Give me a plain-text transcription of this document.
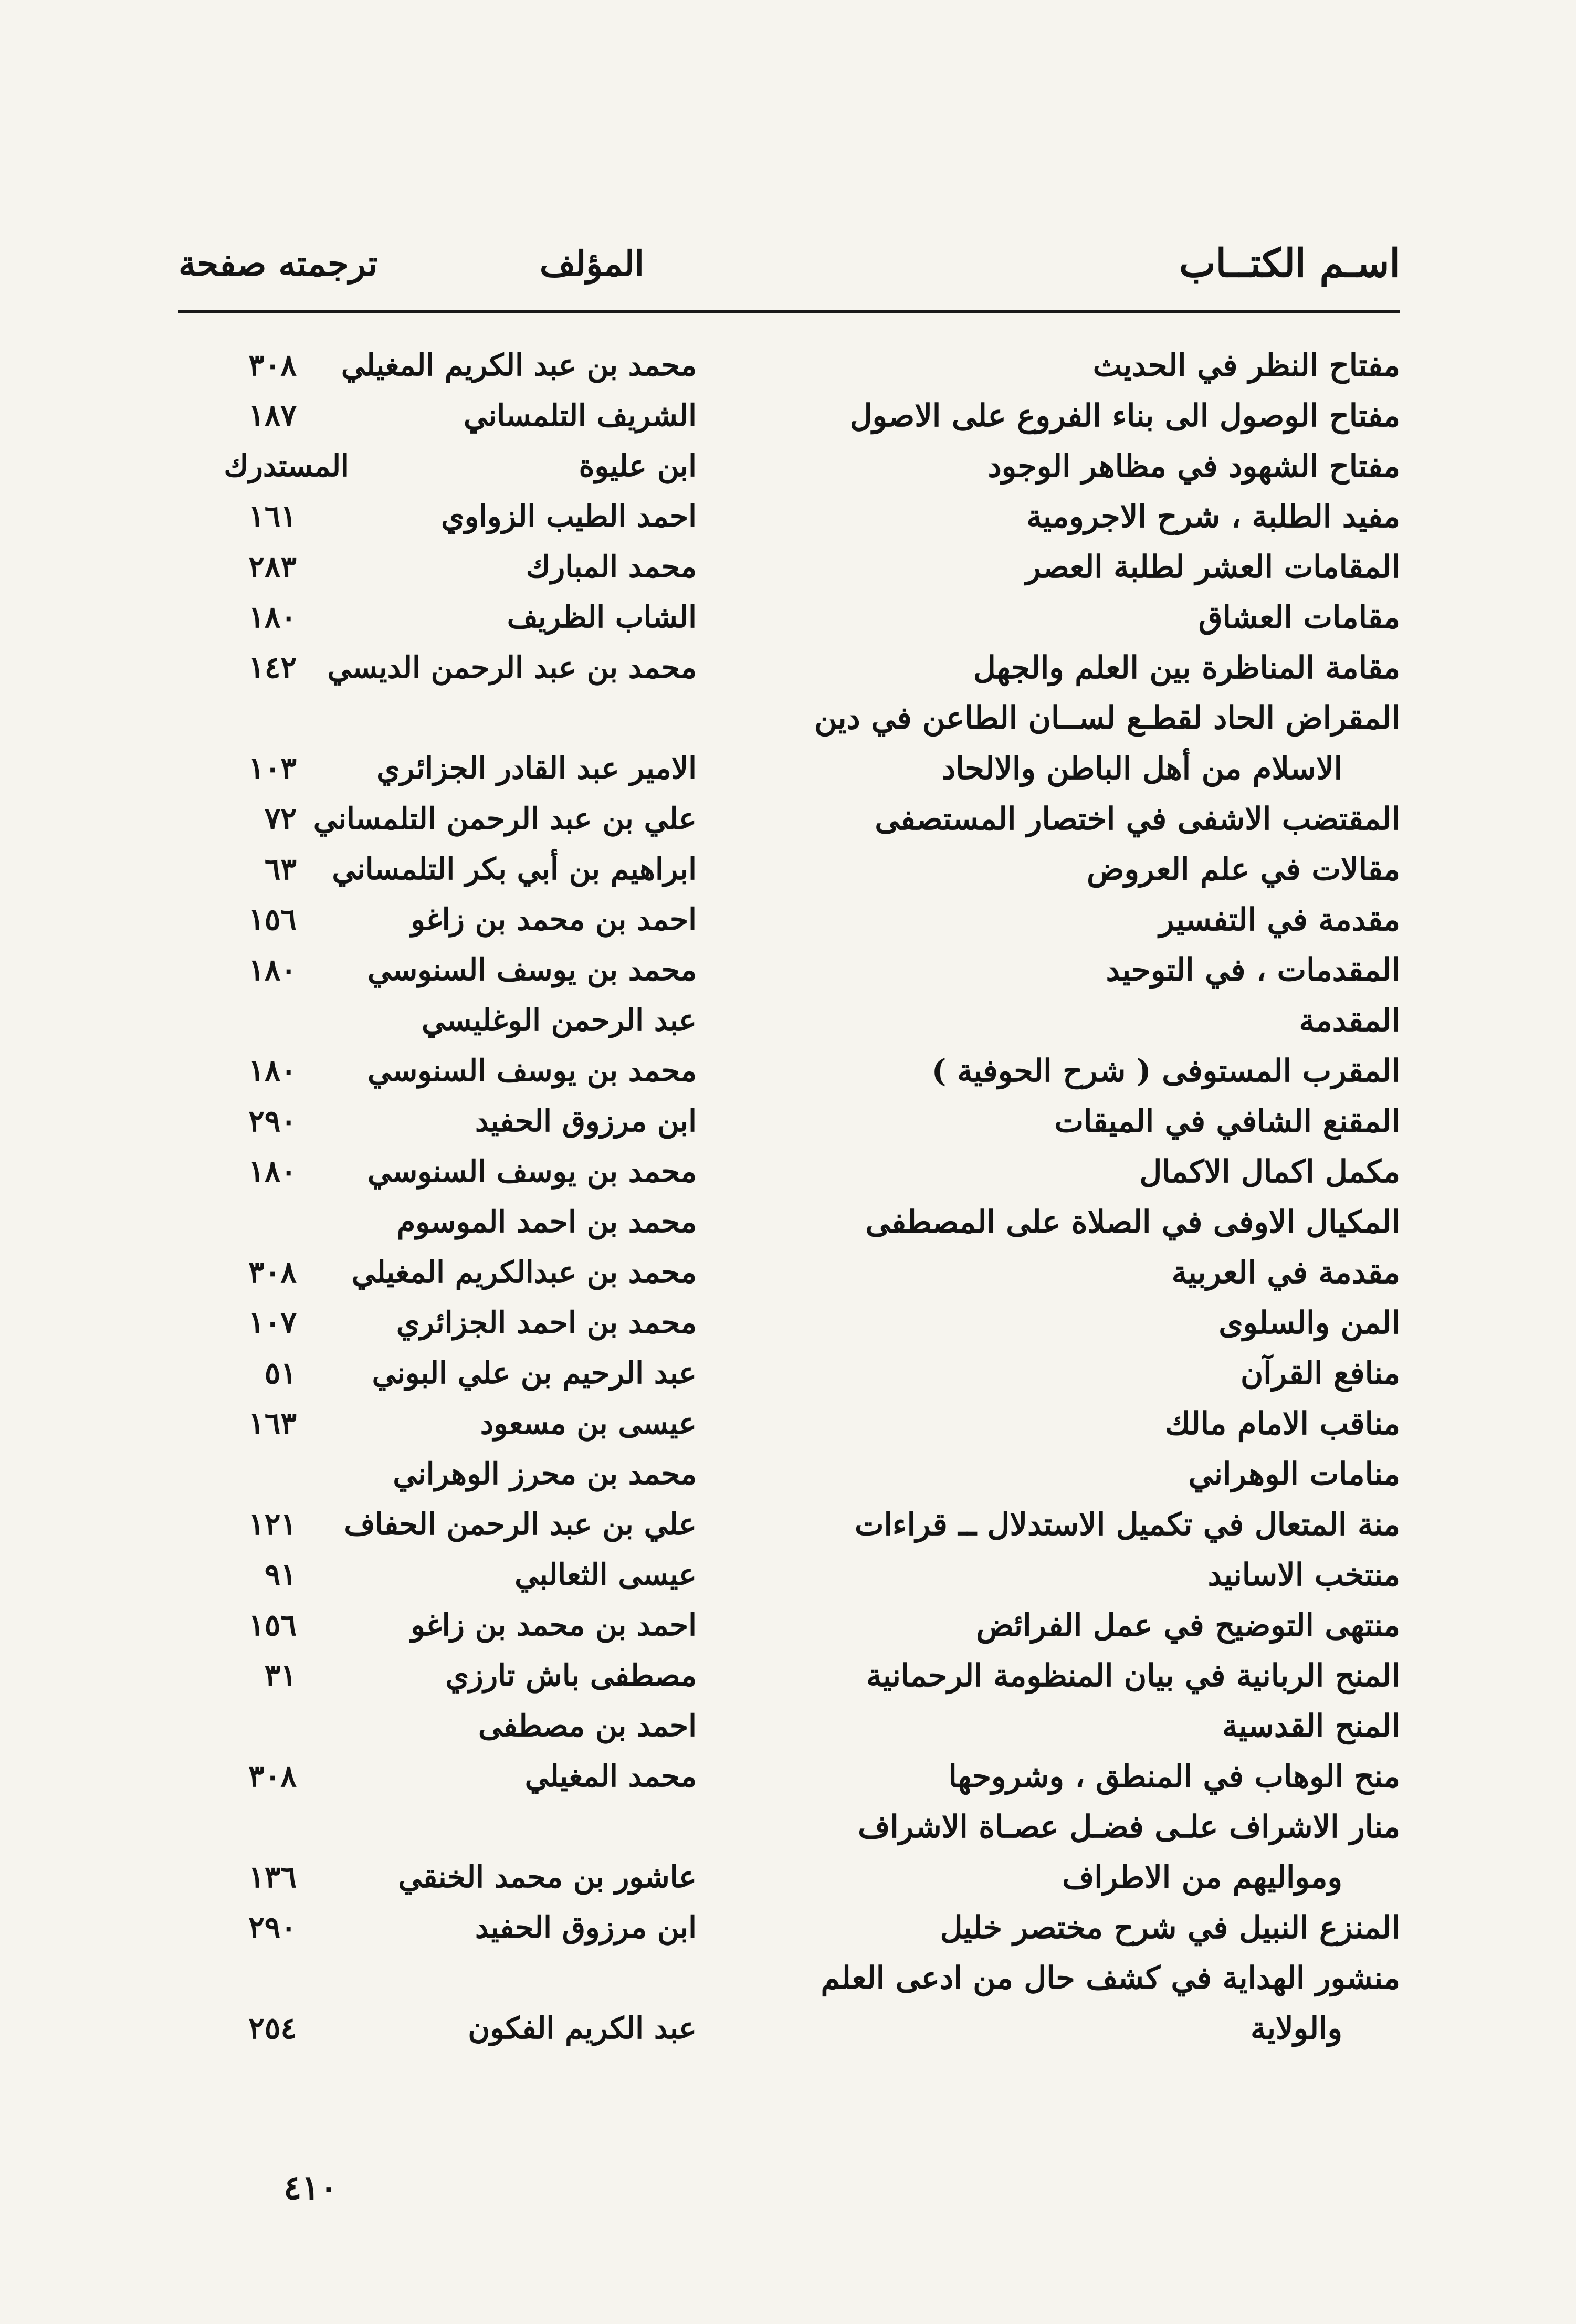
اسـم الكتــاب
المؤلف
ترجمته صفحة
مفتاح النظر في الحديث
محمد بن عبد الكريم المغيلي
٣٠٨
مفتاح الوصول الى بناء الفروع على الاصول
الشريف التلمساني
١٨٧
مفتاح الشهود في مظاهر الوجود
ابن عليوة
المستدرك
مفيد الطلبة ، شرح الاجرومية
احمد الطيب الزواوي
١٦١
المقامات العشر لطلبة العصر
محمد المبارك
٢٨٣
مقامات العشاق
الشاب الظريف
١٨٠
مقامة المناظرة بين العلم والجهل
محمد بن عبد الرحمن الديسي
١٤٢
المقراض الحاد لقطـع لســان الطاعن في دين
الاسلام من أهل الباطن والالحاد
الامير عبد القادر الجزائري
١٠٣
المقتضب الاشفى في اختصار المستصفى
علي بن عبد الرحمن التلمساني
٧٢
مقالات في علم العروض
ابراهيم بن أبي بكر التلمساني
٦٣
مقدمة في التفسير
احمد بن محمد بن زاغو
١٥٦
المقدمات ، في التوحيد
محمد بن يوسف السنوسي
١٨٠
المقدمة
عبد الرحمن الوغليسي
المقرب المستوفى ( شرح الحوفية )
محمد بن يوسف السنوسي
١٨٠
المقنع الشافي في الميقات
ابن مرزوق الحفيد
٢٩٠
مكمل اكمال الاكمال
محمد بن يوسف السنوسي
١٨٠
المكيال الاوفى في الصلاة على المصطفى
محمد بن احمد الموسوم
مقدمة في العربية
محمد بن عبدالكريم المغيلي
٣٠٨
المن والسلوى
محمد بن احمد الجزائري
١٠٧
منافع القرآن
عبد الرحيم بن علي البوني
٥١
مناقب الامام مالك
عيسى بن مسعود
١٦٣
منامات الوهراني
محمد بن محرز الوهراني
منة المتعال في تكميل الاستدلال ــ قراءات
علي بن عبد الرحمن الحفاف
١٢١
منتخب الاسانيد
عيسى الثعالبي
٩١
منتهى التوضيح في عمل الفرائض
احمد بن محمد بن زاغو
١٥٦
المنح الربانية في بيان المنظومة الرحمانية
مصطفى باش تارزي
٣١
المنح القدسية
احمد بن مصطفى
منح الوهاب في المنطق ، وشروحها
محمد المغيلي
٣٠٨
منار الاشراف علـى فضـل عصـاة الاشراف
ومواليهم من الاطراف
عاشور بن محمد الخنقي
١٣٦
المنزع النبيل في شرح مختصر خليل
ابن مرزوق الحفيد
٢٩٠
منشور الهداية في كشف حال من ادعى العلم
والولاية
عبد الكريم الفكون
٢٥٤
٤١٠
